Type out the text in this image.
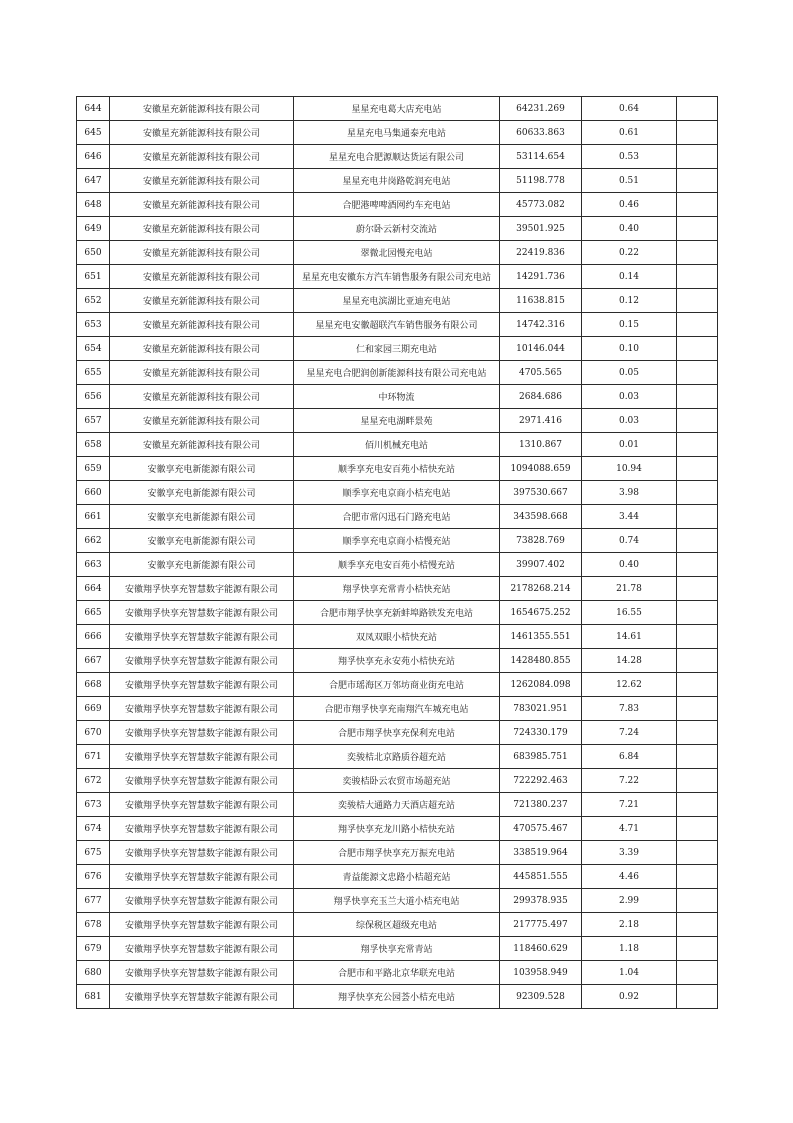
644	安徽星充新能源科技有限公司	星星充电葛大店充电站	64231.269	0.64	
645	安徽星充新能源科技有限公司	星星充电马集通泰充电站	60633.863	0.61	
646	安徽星充新能源科技有限公司	星星充电合肥源顺达货运有限公司	53114.654	0.53	
647	安徽星充新能源科技有限公司	星星充电井岗路乾润充电站	51198.778	0.51	
648	安徽星充新能源科技有限公司	合肥港啤啤酒网约车充电站	45773.082	0.46	
649	安徽星充新能源科技有限公司	蔚尔卧云新村交流站	39501.925	0.40	
650	安徽星充新能源科技有限公司	翠微北园慢充电站	22419.836	0.22	
651	安徽星充新能源科技有限公司	星星充电安徽东方汽车销售服务有限公司充电站	14291.736	0.14	
652	安徽星充新能源科技有限公司	星星充电滨湖比亚迪充电站	11638.815	0.12	
653	安徽星充新能源科技有限公司	星星充电安徽超联汽车销售服务有限公司	14742.316	0.15	
654	安徽星充新能源科技有限公司	仁和家园三期充电站	10146.044	0.10	
655	安徽星充新能源科技有限公司	星星充电合肥润创新能源科技有限公司充电站	4705.565	0.05	
656	安徽星充新能源科技有限公司	中环物流	2684.686	0.03	
657	安徽星充新能源科技有限公司	星星充电湖畔景苑	2971.416	0.03	
658	安徽星充新能源科技有限公司	佰川机械充电站	1310.867	0.01	
659	安徽享充电新能源有限公司	顺季享充电安百苑小桔快充站	1094088.659	10.94	
660	安徽享充电新能源有限公司	顺季享充电京商小桔充电站	397530.667	3.98	
661	安徽享充电新能源有限公司	合肥市常闪迅石门路充电站	343598.668	3.44	
662	安徽享充电新能源有限公司	顺季享充电京商小桔慢充站	73828.769	0.74	
663	安徽享充电新能源有限公司	顺季享充电安百苑小桔慢充站	39907.402	0.40	
664	安徽翔孚快享充智慧数字能源有限公司	翔孚快享充常青小桔快充站	2178268.214	21.78	
665	安徽翔孚快享充智慧数字能源有限公司	合肥市翔孚快享充新蚌埠路铁发充电站	1654675.252	16.55	
666	安徽翔孚快享充智慧数字能源有限公司	双凤双眼小桔快充站	1461355.551	14.61	
667	安徽翔孚快享充智慧数字能源有限公司	翔孚快享充永安苑小桔快充站	1428480.855	14.28	
668	安徽翔孚快享充智慧数字能源有限公司	合肥市瑶海区万邻坊商业街充电站	1262084.098	12.62	
669	安徽翔孚快享充智慧数字能源有限公司	合肥市翔孚快享充南翔汽车城充电站	783021.951	7.83	
670	安徽翔孚快享充智慧数字能源有限公司	合肥市翔孚快享充保利充电站	724330.179	7.24	
671	安徽翔孚快享充智慧数字能源有限公司	奕骏桔北京路质谷超充站	683985.751	6.84	
672	安徽翔孚快享充智慧数字能源有限公司	奕骏桔卧云农贸市场超充站	722292.463	7.22	
673	安徽翔孚快享充智慧数字能源有限公司	奕骏桔大通路力天酒店超充站	721380.237	7.21	
674	安徽翔孚快享充智慧数字能源有限公司	翔孚快享充龙川路小桔快充站	470575.467	4.71	
675	安徽翔孚快享充智慧数字能源有限公司	合肥市翔孚快享充万振充电站	338519.964	3.39	
676	安徽翔孚快享充智慧数字能源有限公司	青益能源文忠路小桔超充站	445851.555	4.46	
677	安徽翔孚快享充智慧数字能源有限公司	翔孚快享充玉兰大道小桔充电站	299378.935	2.99	
678	安徽翔孚快享充智慧数字能源有限公司	综保税区超级充电站	217775.497	2.18	
679	安徽翔孚快享充智慧数字能源有限公司	翔孚快享充常青站	118460.629	1.18	
680	安徽翔孚快享充智慧数字能源有限公司	合肥市和平路北京华联充电站	103958.949	1.04	
681	安徽翔孚快享充智慧数字能源有限公司	翔孚快享充公园荟小桔充电站	92309.528	0.92	
